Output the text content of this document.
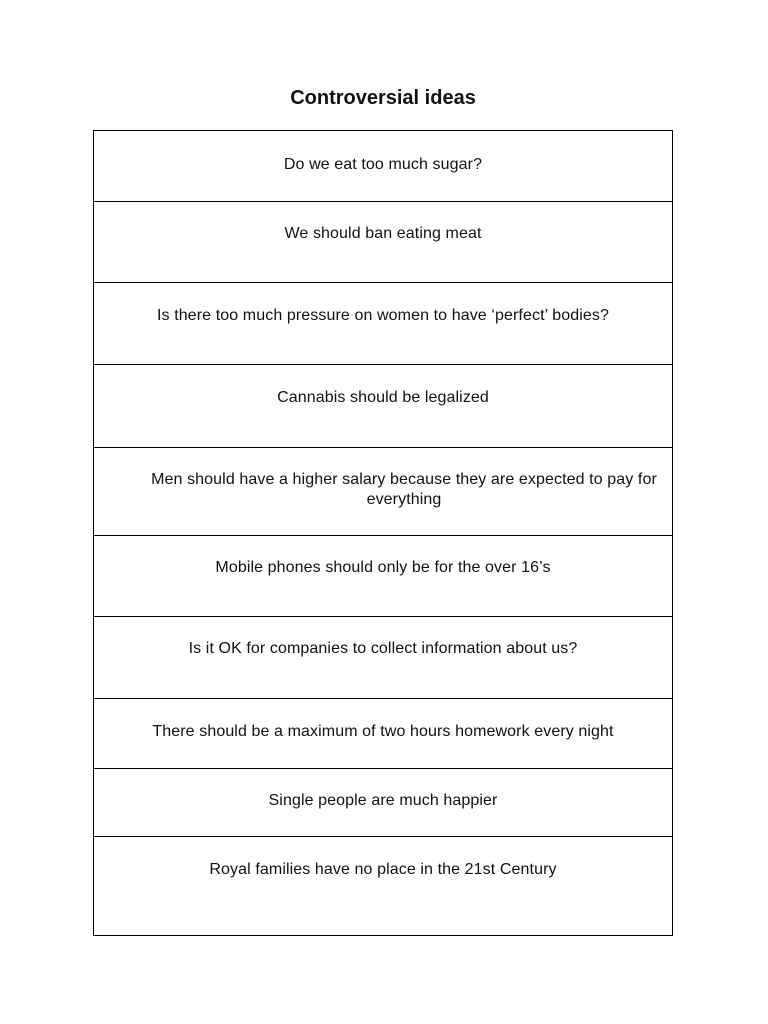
Controversial ideas
Do we eat too much sugar?
We should ban eating meat
Is there too much pressure on women to have ‘perfect’ bodies?
Cannabis should be legalized
Men should have a higher salary because they are expected to pay for everything
Mobile phones should only be for the over 16’s
Is it OK for companies to collect information about us?
There should be a maximum of two hours homework every night
Single people are much happier
Royal families have no place in the 21st Century
